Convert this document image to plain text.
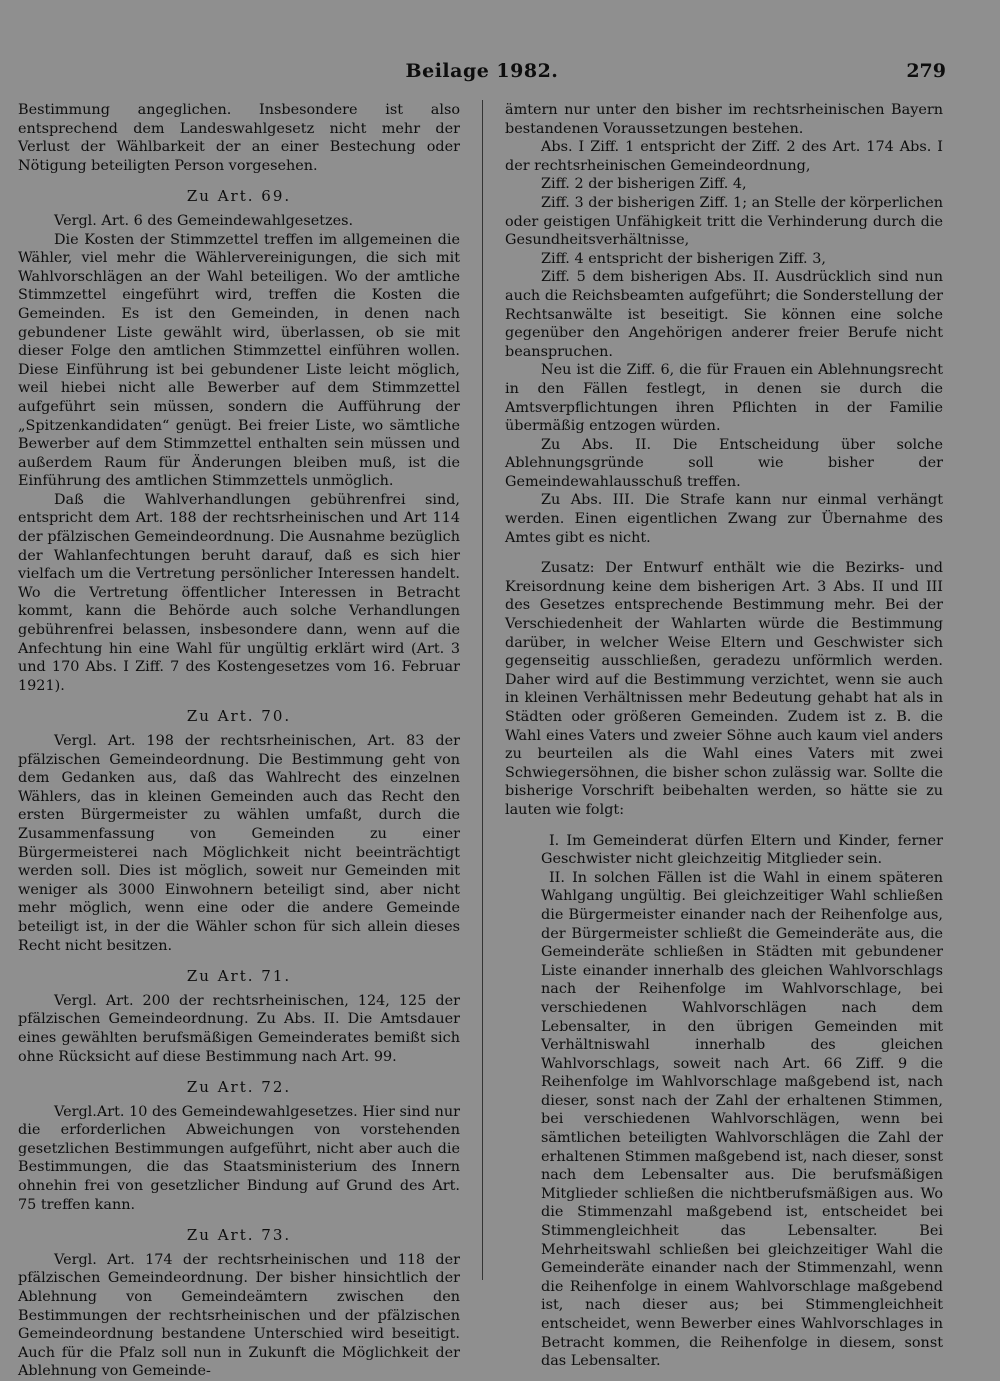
Beilage 1982.	279

Bestimmung angeglichen. Insbesondere ist also entsprechend dem Landeswahlgesetz nicht mehr der Verlust der Wählbarkeit der an einer Bestechung oder Nötigung beteiligten Person vorgesehen.

Zu Art. 69.

Vergl. Art. 6 des Gemeindewahlgesetzes.

Die Kosten der Stimmzettel treffen im allgemeinen die Wähler, viel mehr die Wählervereinigungen, die sich mit Wahlvorschlägen an der Wahl beteiligen. Wo der amtliche Stimmzettel eingeführt wird, treffen die Kosten die Gemeinden. Es ist den Gemeinden, in denen nach gebundener Liste gewählt wird, überlassen, ob sie mit dieser Folge den amtlichen Stimmzettel einführen wollen. Diese Einführung ist bei gebundener Liste leicht möglich, weil hiebei nicht alle Bewerber auf dem Stimmzettel aufgeführt sein müssen, sondern die Aufführung der „Spitzenkandidaten“ genügt. Bei freier Liste, wo sämtliche Bewerber auf dem Stimmzettel enthalten sein müssen und außerdem Raum für Änderungen bleiben muß, ist die Einführung des amtlichen Stimmzettels unmöglich.

Daß die Wahlverhandlungen gebührenfrei sind, entspricht dem Art. 188 der rechtsrheinischen und Art 114 der pfälzischen Gemeindeordnung. Die Ausnahme bezüglich der Wahlanfechtungen beruht darauf, daß es sich hier vielfach um die Vertretung persönlicher Interessen handelt. Wo die Vertretung öffentlicher Interessen in Betracht kommt, kann die Behörde auch solche Verhandlungen gebührenfrei belassen, insbesondere dann, wenn auf die Anfechtung hin eine Wahl für ungültig erklärt wird (Art. 3 und 170 Abs. I Ziff. 7 des Kostengesetzes vom 16. Februar 1921).

Zu Art. 70.

Vergl. Art. 198 der rechtsrheinischen, Art. 83 der pfälzischen Gemeindeordnung. Die Bestimmung geht von dem Gedanken aus, daß das Wahlrecht des einzelnen Wählers, das in kleinen Gemeinden auch das Recht den ersten Bürgermeister zu wählen umfaßt, durch die Zusammenfassung von Gemeinden zu einer Bürgermeisterei nach Möglichkeit nicht beeinträchtigt werden soll. Dies ist möglich, soweit nur Gemeinden mit weniger als 3000 Einwohnern beteiligt sind, aber nicht mehr möglich, wenn eine oder die andere Gemeinde beteiligt ist, in der die Wähler schon für sich allein dieses Recht nicht besitzen.

Zu Art. 71.

Vergl. Art. 200 der rechtsrheinischen, 124, 125 der pfälzischen Gemeindeordnung. Zu Abs. II. Die Amtsdauer eines gewählten berufsmäßigen Gemeinderates bemißt sich ohne Rücksicht auf diese Bestimmung nach Art. 99.

Zu Art. 72.

Vergl.Art. 10 des Gemeindewahlgesetzes. Hier sind nur die erforderlichen Abweichungen von vorstehenden gesetzlichen Bestimmungen aufgeführt, nicht aber auch die Bestimmungen, die das Staatsministerium des Innern ohnehin frei von gesetzlicher Bindung auf Grund des Art. 75 treffen kann.

Zu Art. 73.

Vergl. Art. 174 der rechtsrheinischen und 118 der pfälzischen Gemeindeordnung. Der bisher hinsichtlich der Ablehnung von Gemeindeämtern zwischen den Bestimmungen der rechtsrheinischen und der pfälzischen Gemeindeordnung bestandene Unterschied wird beseitigt. Auch für die Pfalz soll nun in Zukunft die Möglichkeit der Ablehnung von Gemeinde-

ämtern nur unter den bisher im rechtsrheinischen Bayern bestandenen Voraussetzungen bestehen.

Abs. I Ziff. 1 entspricht der Ziff. 2 des Art. 174 Abs. I der rechtsrheinischen Gemeindeordnung,

Ziff. 2 der bisherigen Ziff. 4,

Ziff. 3 der bisherigen Ziff. 1; an Stelle der körperlichen oder geistigen Unfähigkeit tritt die Verhinderung durch die Gesundheitsverhältnisse,

Ziff. 4 entspricht der bisherigen Ziff. 3,

Ziff. 5 dem bisherigen Abs. II. Ausdrücklich sind nun auch die Reichsbeamten aufgeführt; die Sonderstellung der Rechtsanwälte ist beseitigt. Sie können eine solche gegenüber den Angehörigen anderer freier Berufe nicht beanspruchen.

Neu ist die Ziff. 6, die für Frauen ein Ablehnungsrecht in den Fällen festlegt, in denen sie durch die Amtsverpflichtungen ihren Pflichten in der Familie übermäßig entzogen würden.

Zu Abs. II. Die Entscheidung über solche Ablehnungsgründe soll wie bisher der Gemeindewahlausschuß treffen.

Zu Abs. III. Die Strafe kann nur einmal verhängt werden. Einen eigentlichen Zwang zur Übernahme des Amtes gibt es nicht.

Zusatz: Der Entwurf enthält wie die Bezirks- und Kreisordnung keine dem bisherigen Art. 3 Abs. II und III des Gesetzes entsprechende Bestimmung mehr. Bei der Verschiedenheit der Wahlarten würde die Bestimmung darüber, in welcher Weise Eltern und Geschwister sich gegenseitig ausschließen, geradezu unförmlich werden. Daher wird auf die Bestimmung verzichtet, wenn sie auch in kleinen Verhältnissen mehr Bedeutung gehabt hat als in Städten oder größeren Gemeinden. Zudem ist z. B. die Wahl eines Vaters und zweier Söhne auch kaum viel anders zu beurteilen als die Wahl eines Vaters mit zwei Schwiegersöhnen, die bisher schon zulässig war. Sollte die bisherige Vorschrift beibehalten werden, so hätte sie zu lauten wie folgt:

I. Im Gemeinderat dürfen Eltern und Kinder, ferner Geschwister nicht gleichzeitig Mitglieder sein.

II. In solchen Fällen ist die Wahl in einem späteren Wahlgang ungültig. Bei gleichzeitiger Wahl schließen die Bürgermeister einander nach der Reihenfolge aus, der Bürgermeister schließt die Gemeinderäte aus, die Gemeinderäte schließen in Städten mit gebundener Liste einander innerhalb des gleichen Wahlvorschlags nach der Reihenfolge im Wahlvorschlage, bei verschiedenen Wahlvorschlägen nach dem Lebensalter, in den übrigen Gemeinden mit Verhältniswahl innerhalb des gleichen Wahlvorschlags, soweit nach Art. 66 Ziff. 9 die Reihenfolge im Wahlvorschlage maßgebend ist, nach dieser, sonst nach der Zahl der erhaltenen Stimmen, bei verschiedenen Wahlvorschlägen, wenn bei sämtlichen beteiligten Wahlvorschlägen die Zahl der erhaltenen Stimmen maßgebend ist, nach dieser, sonst nach dem Lebensalter aus. Die berufsmäßigen Mitglieder schließen die nichtberufsmäßigen aus. Wo die Stimmenzahl maßgebend ist, entscheidet bei Stimmengleichheit das Lebensalter. Bei Mehrheitswahl schließen bei gleichzeitiger Wahl die Gemeinderäte einander nach der Stimmenzahl, wenn die Reihenfolge in einem Wahlvorschlage maßgebend ist, nach dieser aus; bei Stimmengleichheit entscheidet, wenn Bewerber eines Wahlvorschlages in Betracht kommen, die Reihenfolge in diesem, sonst das Lebensalter.
